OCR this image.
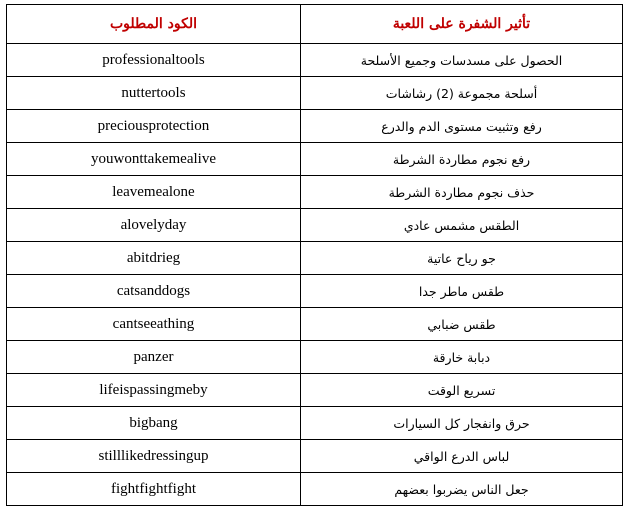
تأثير الشفرة على اللعبة	الكود المطلوب
الحصول على مسدسات وجميع الأسلحة	professionaltools
أسلحة مجموعة (2) رشاشات	nuttertools
رفع وتثبيت مستوى الدم والدرع	preciousprotection
رفع نجوم مطاردة الشرطة	youwonttakemealive
حذف نجوم مطاردة الشرطة	leavemealone
الطقس مشمس عادي	alovelyday
جو رياح عاتية	abitdrieg
طقس ماطر جدا	catsanddogs
طقس ضبابي	cantseeathing
دبابة خارقة	panzer
تسريع الوقت	lifeispassingmeby
حرق وانفجار كل السيارات	bigbang
لباس الدرع الواقي	stilllikedressingup
جعل الناس يضربوا بعضهم	fightfightfight
